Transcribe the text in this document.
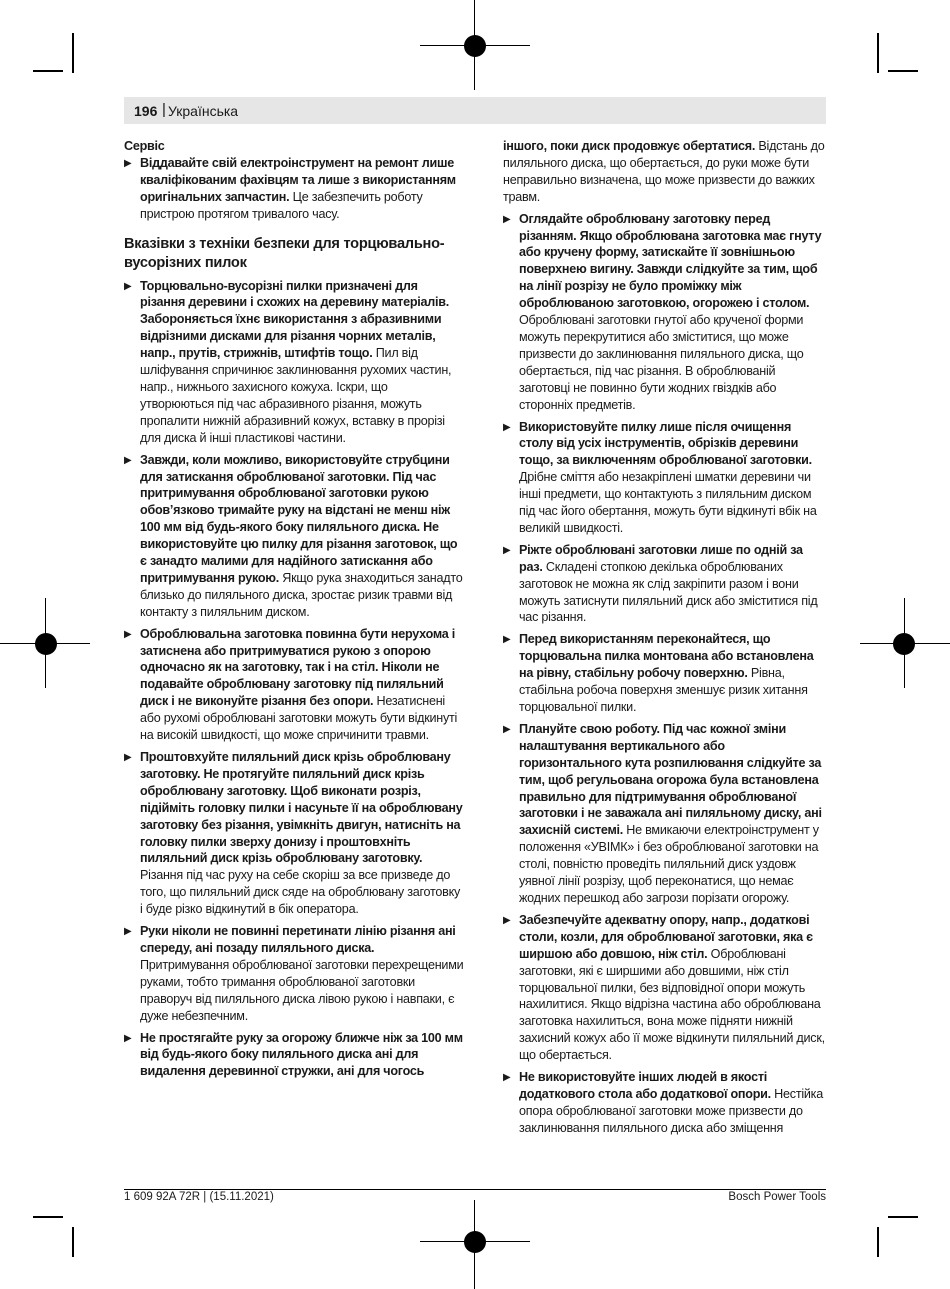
196 | Українська

Сервіс

▶ Віддавайте свій електроінструмент на ремонт лише кваліфікованим фахівцям та лише з використанням оригінальних запчастин. Це забезпечить роботу пристрою протягом тривалого часу.
Вказівки з техніки безпеки для торцювально-
вусорізних пилок
▶ Торцювально-вусорізні пилки призначені для різання деревини і схожих на деревину матеріалів. Забороняється їхнє використання з абразивними відрізними дисками для різання чорних металів, напр., прутів, стрижнів, штифтів тощо. Пил від шліфування спричинює заклинювання рухомих частин, напр., нижнього захисного кожуха. Іскри, що утворюються під час абразивного різання, можуть пропалити нижній абразивний кожух, вставку в прорізі для диска й інші пластикові частини.
▶ Завжди, коли можливо, використовуйте струбцини для затискання оброблюваної заготовки. Під час притримування оброблюваної заготовки рукою обов’язково тримайте руку на відстані не менш ніж 100 мм від будь-якого боку пиляльного диска. Не використовуйте цю пилку для різання заготовок, що є занадто малими для надійного затискання або притримування рукою. Якщо рука знаходиться занадто близько до пиляльного диска, зростає ризик травми від контакту з пиляльним диском.
▶ Оброблювальна заготовка повинна бути нерухома і затиснена або притримуватися рукою з опорою одночасно як на заготовку, так і на стіл. Ніколи не подавайте оброблювану заготовку під пиляльний диск і не виконуйте різання без опори. Незатиснені або рухомі оброблювані заготовки можуть бути відкинуті на високій швидкості, що може спричинити травми.
▶ Проштовхуйте пиляльний диск крізь оброблювану заготовку. Не протягуйте пиляльний диск крізь оброблювану заготовку. Щоб виконати розріз, підійміть головку пилки і насуньте її на оброблювану заготовку без різання, увімкніть двигун, натисніть на головку пилки зверху донизу і проштовхніть пиляльний диск крізь оброблювану заготовку. Різання під час руху на себе скоріш за все призведе до того, що пиляльний диск сяде на оброблювану заготовку і буде різко відкинутий в бік оператора.
▶ Руки ніколи не повинні перетинати лінію різання ані спереду, ані позаду пиляльного диска. Притримування оброблюваної заготовки перехрещеними руками, тобто тримання оброблюваної заготовки праворуч від пиляльного диска лівою рукою і навпаки, є дуже небезпечним.
▶ Не простягайте руку за огорожу ближче ніж за 100 мм від будь-якого боку пиляльного диска ані для видалення деревинної стружки, ані для чогось
іншого, поки диск продовжує обертатися. Відстань до пиляльного диска, що обертається, до руки може бути неправильно визначена, що може призвести до важких травм.
▶ Оглядайте оброблювану заготовку перед різанням. Якщо оброблювана заготовка має гнуту або кручену форму, затискайте її зовнішньою поверхнею вигину. Завжди слідкуйте за тим, щоб на лінії розрізу не було проміжку між оброблюваною заготовкою, огорожею і столом. Оброблювані заготовки гнутої або крученої форми можуть перекрутитися або зміститися, що може призвести до заклинювання пиляльного диска, що обертається, під час різання. В оброблюваній заготовці не повинно бути жодних гвіздків або сторонніх предметів.
▶ Використовуйте пилку лише після очищення столу від усіх інструментів, обрізків деревини тощо, за виключенням оброблюваної заготовки. Дрібне сміття або незакріплені шматки деревини чи інші предмети, що контактують з пиляльним диском під час його обертання, можуть бути відкинуті вбік на великій швидкості.
▶ Ріжте оброблювані заготовки лише по одній за раз. Складені стопкою декілька оброблюваних заготовок не можна як слід закріпити разом і вони можуть затиснути пиляльний диск або зміститися під час різання.
▶ Перед використанням переконайтеся, що торцювальна пилка монтована або встановлена на рівну, стабільну робочу поверхню. Рівна, стабільна робоча поверхня зменшує ризик хитання торцювальної пилки.
▶ Плануйте свою роботу. Під час кожної зміни налаштування вертикального або горизонтального кута розпилювання слідкуйте за тим, щоб регульована огорожа була встановлена правильно для підтримування оброблюваної заготовки і не заважала ані пиляльному диску, ані захисній системі. Не вмикаючи електроінструмент у положення «УВІМК» і без оброблюваної заготовки на столі, повністю проведіть пиляльний диск уздовж уявної лінії розрізу, щоб переконатися, що немає жодних перешкод або загрози порізати огорожу.
▶ Забезпечуйте адекватну опору, напр., додаткові столи, козли, для оброблюваної заготовки, яка є ширшою або довшою, ніж стіл. Оброблювані заготовки, які є ширшими або довшими, ніж стіл торцювальної пилки, без відповідної опори можуть нахилитися. Якщо відрізна частина або оброблювана заготовка нахилиться, вона може підняти нижній захисний кожух або її може відкинути пиляльний диск, що обертається.
▶ Не використовуйте інших людей в якості додаткового стола або додаткової опори. Нестійка опора оброблюваної заготовки може призвести до заклинювання пиляльного диска або зміщення
1 609 92A 72R | (15.11.2021)	Bosch Power Tools
